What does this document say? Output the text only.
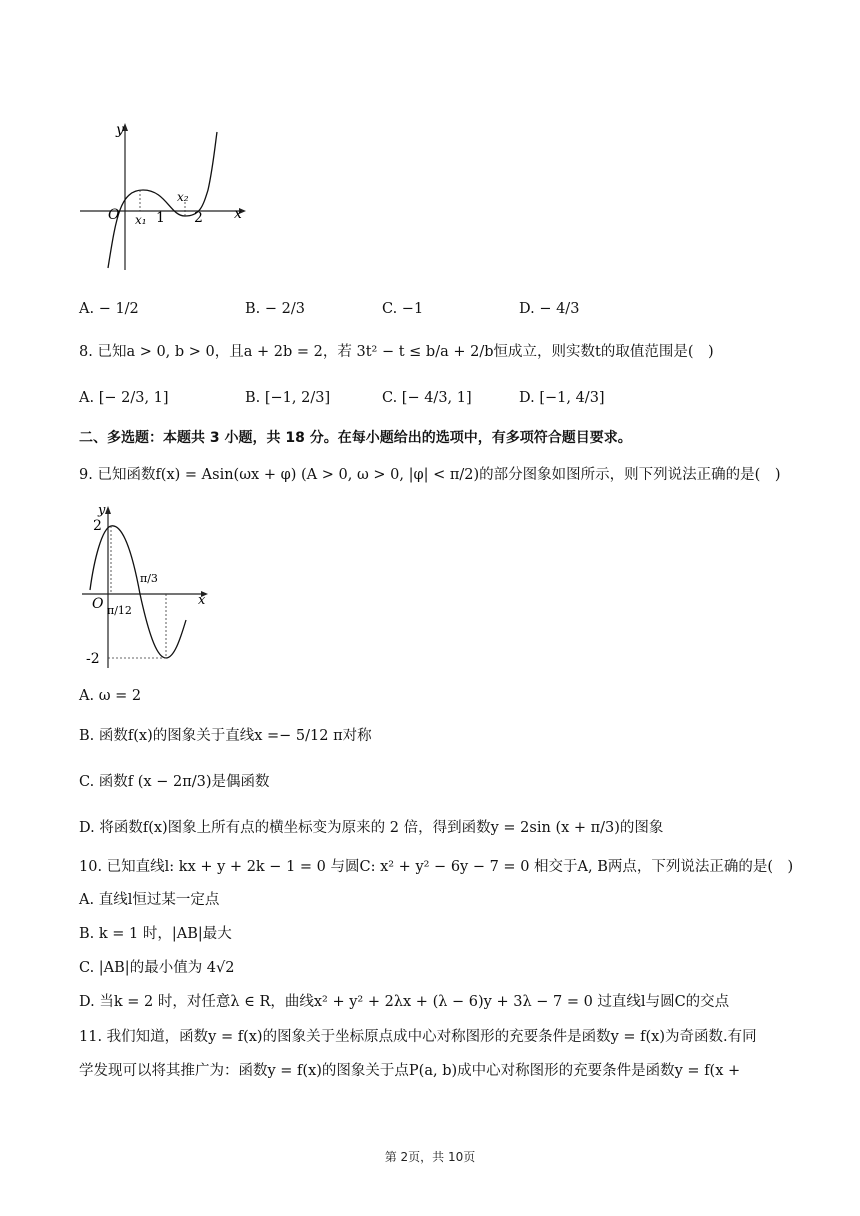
y
x
O x₁
x₂
1 2
A. − 1/2	B. − 2/3	C. −1	D. − 4/3
8. 已知a > 0, b > 0，且a + 2b = 2，若 3t² − t ≤ b/a + 2/b恒成立，则实数t的取值范围是( )
A. [− 2/3, 1]	B. [−1, 2/3]	C. [− 4/3, 1]	D. [−1, 4/3]
二、多选题：本题共 3 小题，共 18 分。在每小题给出的选项中，有多项符合题目要求。
9. 已知函数f(x) = Asin(ωx + φ) (A > 0, ω > 0, |φ| < π/2)的部分图象如图所示，则下列说法正确的是( )
y
x
O
2
-2
π/12
π/3
A. ω = 2
B. 函数f(x)的图象关于直线x =− 5/12 π对称
C. 函数f (x − 2π/3)是偶函数
D. 将函数f(x)图象上所有点的横坐标变为原来的 2 倍，得到函数y = 2sin (x + π/3)的图象
10. 已知直线l: kx + y + 2k − 1 = 0 与圆C: x² + y² − 6y − 7 = 0 相交于A, B两点，下列说法正确的是( )
A. 直线l恒过某一定点
B. k = 1 时，|AB|最大
C. |AB|的最小值为 4√2
D. 当k = 2 时，对任意λ ∈ R，曲线x² + y² + 2λx + (λ − 6)y + 3λ − 7 = 0 过直线l与圆C的交点
11. 我们知道，函数y = f(x)的图象关于坐标原点成中心对称图形的充要条件是函数y = f(x)为奇函数.有同
学发现可以将其推广为：函数y = f(x)的图象关于点P(a, b)成中心对称图形的充要条件是函数y = f(x +
第 2页，共 10页
